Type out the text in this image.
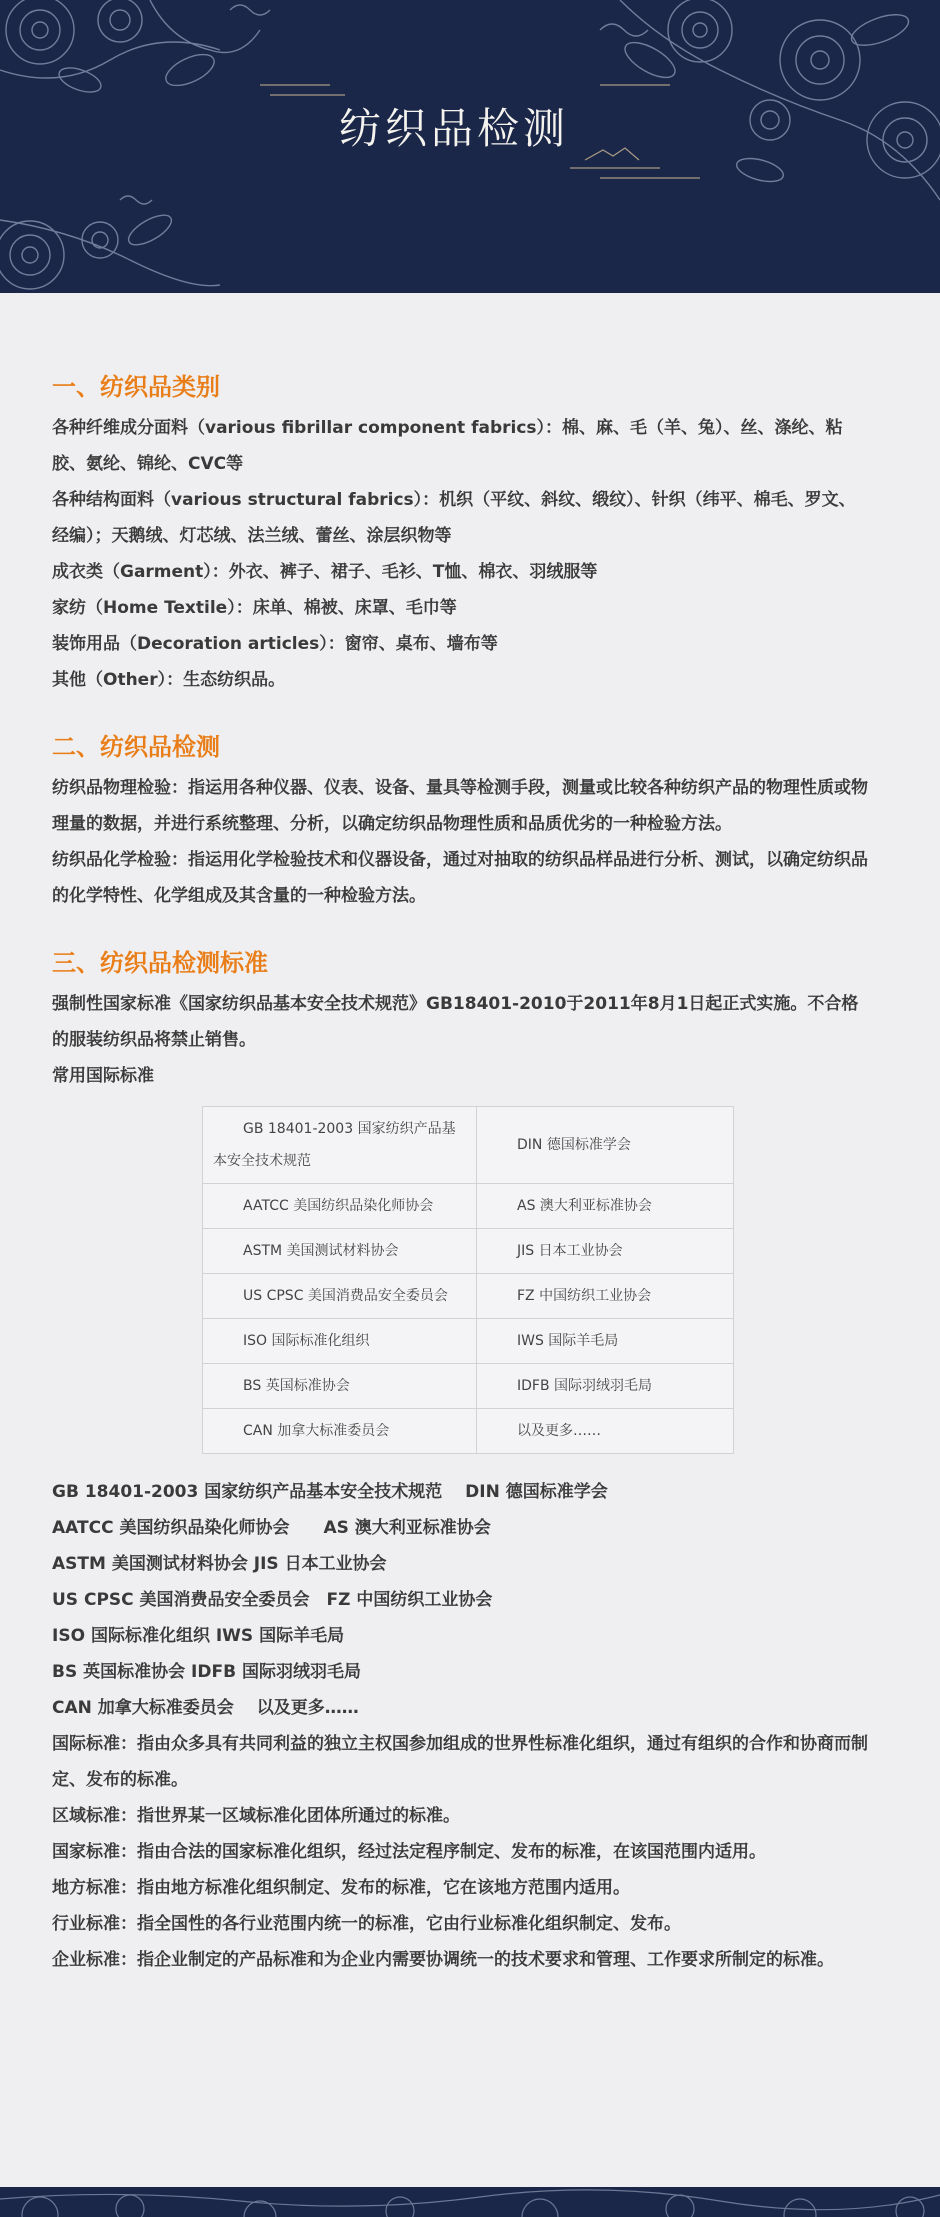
纺织品检测
一、纺织品类别

各种纤维成分面料（various fibrillar component fabrics）：棉、麻、毛（羊、兔）、丝、涤纶、粘胶、氨纶、锦纶、CVC等

各种结构面料（various structural fabrics）：机织（平纹、斜纹、缎纹）、针织（纬平、棉毛、罗文、经编）；天鹅绒、灯芯绒、法兰绒、蕾丝、涂层织物等

成衣类（Garment）：外衣、裤子、裙子、毛衫、T恤、棉衣、羽绒服等

家纺（Home Textile）：床单、棉被、床罩、毛巾等

装饰用品（Decoration articles）：窗帘、桌布、墙布等

其他（Other）：生态纺织品。

二、纺织品检测

纺织品物理检验：指运用各种仪器、仪表、设备、量具等检测手段，测量或比较各种纺织产品的物理性质或物理量的数据，并进行系统整理、分析，以确定纺织品物理性质和品质优劣的一种检验方法。

纺织品化学检验：指运用化学检验技术和仪器设备，通过对抽取的纺织品样品进行分析、测试，以确定纺织品的化学特性、化学组成及其含量的一种检验方法。

三、纺织品检测标准

强制性国家标准《国家纺织品基本安全技术规范》GB18401-2010于2011年8月1日起正式实施。不合格的服装纺织品将禁止销售。

常用国际标准

GB 18401-2003 国家纺织产品基本安全技术规范	DIN 德国标准学会
AATCC 美国纺织品染化师协会	AS 澳大利亚标准协会
ASTM 美国测试材料协会	JIS 日本工业协会
US CPSC 美国消费品安全委员会	FZ 中国纺织工业协会
ISO 国际标准化组织	IWS 国际羊毛局
BS 英国标准协会	IDFB 国际羽绒羽毛局
CAN 加拿大标准委员会	以及更多……

GB 18401-2003 国家纺织产品基本安全技术规范　 DIN 德国标准学会

AATCC 美国纺织品染化师协会　　AS 澳大利亚标准协会

ASTM 美国测试材料协会 JIS 日本工业协会

US CPSC 美国消费品安全委员会　FZ 中国纺织工业协会

ISO 国际标准化组织 IWS 国际羊毛局

BS 英国标准协会 IDFB 国际羽绒羽毛局

CAN 加拿大标准委员会　 以及更多……

国际标准：指由众多具有共同利益的独立主权国参加组成的世界性标准化组织，通过有组织的合作和协商而制定、发布的标准。

区域标准：指世界某一区域标准化团体所通过的标准。

国家标准：指由合法的国家标准化组织，经过法定程序制定、发布的标准，在该国范围内适用。

地方标准：指由地方标准化组织制定、发布的标准，它在该地方范围内适用。

行业标准：指全国性的各行业范围内统一的标准，它由行业标准化组织制定、发布。

企业标准：指企业制定的产品标准和为企业内需要协调统一的技术要求和管理、工作要求所制定的标准。
